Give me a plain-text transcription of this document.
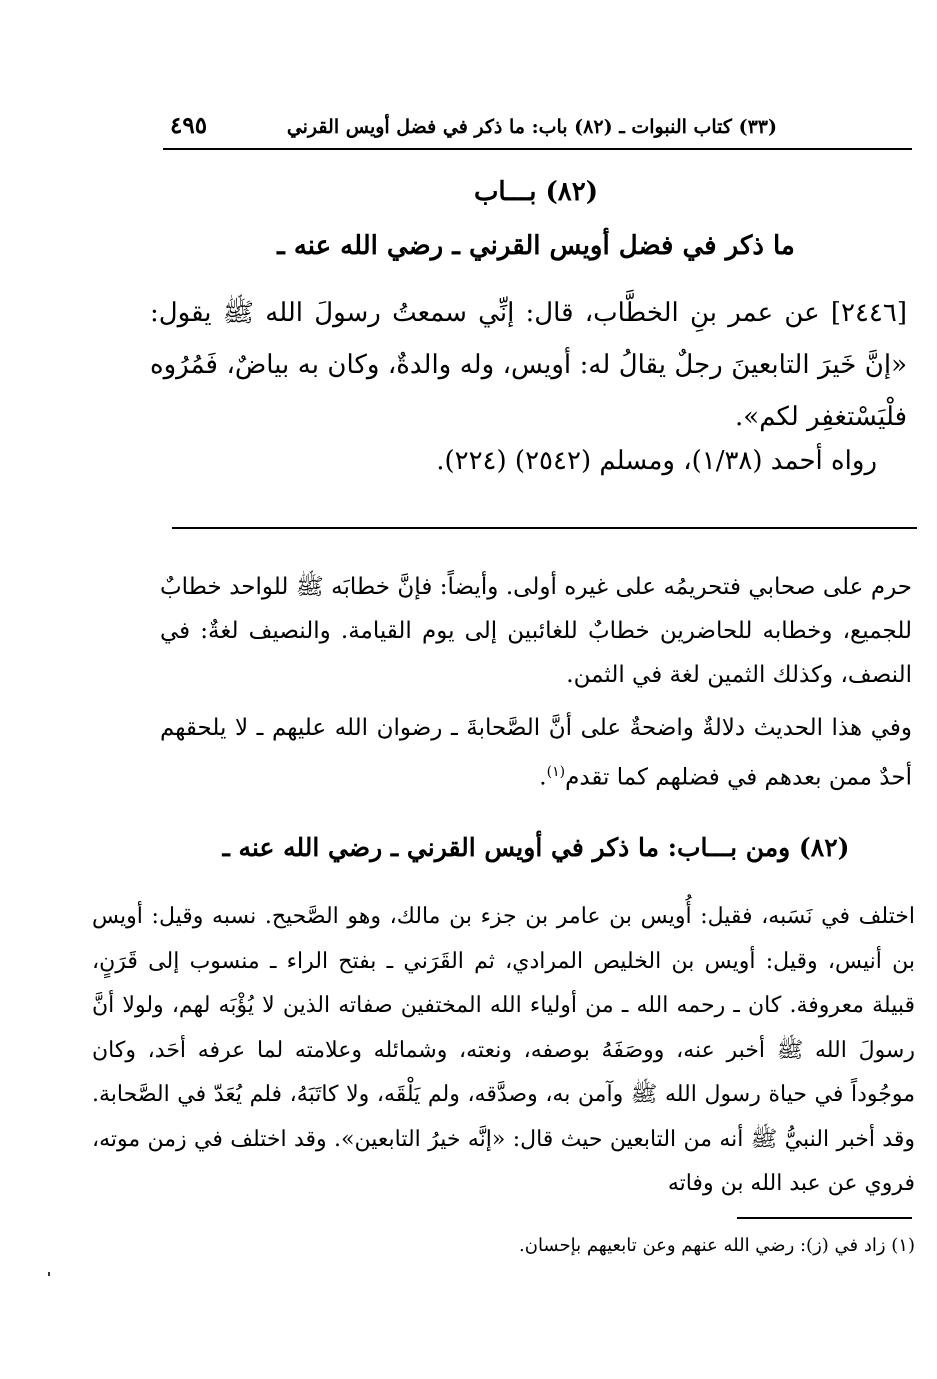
٤٩٥	(٣٣) كتاب النبوات ـ (٨٢) باب: ما ذكر في فضل أويس القرني
(٨٢) بـــاب
ما ذكر في فضل أويس القرني ـ رضي الله عنه ـ
[٢٤٤٦] عن عمر بنِ الخطَّاب، قال: إنِّي سمعتُ رسولَ الله ﷺ يقول: «إنَّ خَيرَ التابعينَ رجلٌ يقالُ له: أويس، وله والدةٌ، وكان به بياضٌ، فَمُرُوه فلْيَسْتغفِر لكم».
رواه أحمد (١/٣٨)، ومسلم (٢٥٤٢) (٢٢٤).
حرم على صحابي فتحريمُه على غيره أولى. وأيضاً: فإنَّ خطابَه ﷺ للواحد خطابٌ للجميع، وخطابه للحاضرين خطابٌ للغائبين إلى يوم القيامة. والنصيف لغةٌ: في النصف، وكذلك الثمين لغة في الثمن.
وفي هذا الحديث دلالةٌ واضحةٌ على أنَّ الصَّحابةَ ـ رضوان الله عليهم ـ لا يلحقهم أحدٌ ممن بعدهم في فضلهم كما تقدم$^{(١)}$.
(٨٢) ومن بـــاب: ما ذكر في أويس القرني ـ رضي الله عنه ـ
اختلف في نَسَبه، فقيل: أُويس بن عامر بن جزء بن مالك، وهو الصَّحيح. نسبه وقيل: أويس بن أنيس، وقيل: أويس بن الخليص المرادي، ثم القَرَني ـ بفتح الراء ـ منسوب إلى قَرَنٍ، قبيلة معروفة. كان ـ رحمه الله ـ من أولياء الله المختفين صفاته الذين لا يُؤْبَه لهم، ولولا أنَّ رسولَ الله ﷺ أخبر عنه، ووصَفَهُ بوصفه، ونعته، وشمائله وعلامته لما عرفه أحَد، وكان موجُوداً في حياة رسول الله ﷺ وآمن به، وصدَّقه، ولم يَلْقَه، ولا كاتَبَهُ، فلم يُعَدّ في الصَّحابة. وقد أخبر النبيُّ ﷺ أنه من التابعين حيث قال: «إنَّه خيرُ التابعين». وقد اختلف في زمن موته، فروي عن عبد الله بن وفاته
(١) زاد في (ز): رضي الله عنهم وعن تابعيهم بإحسان.
